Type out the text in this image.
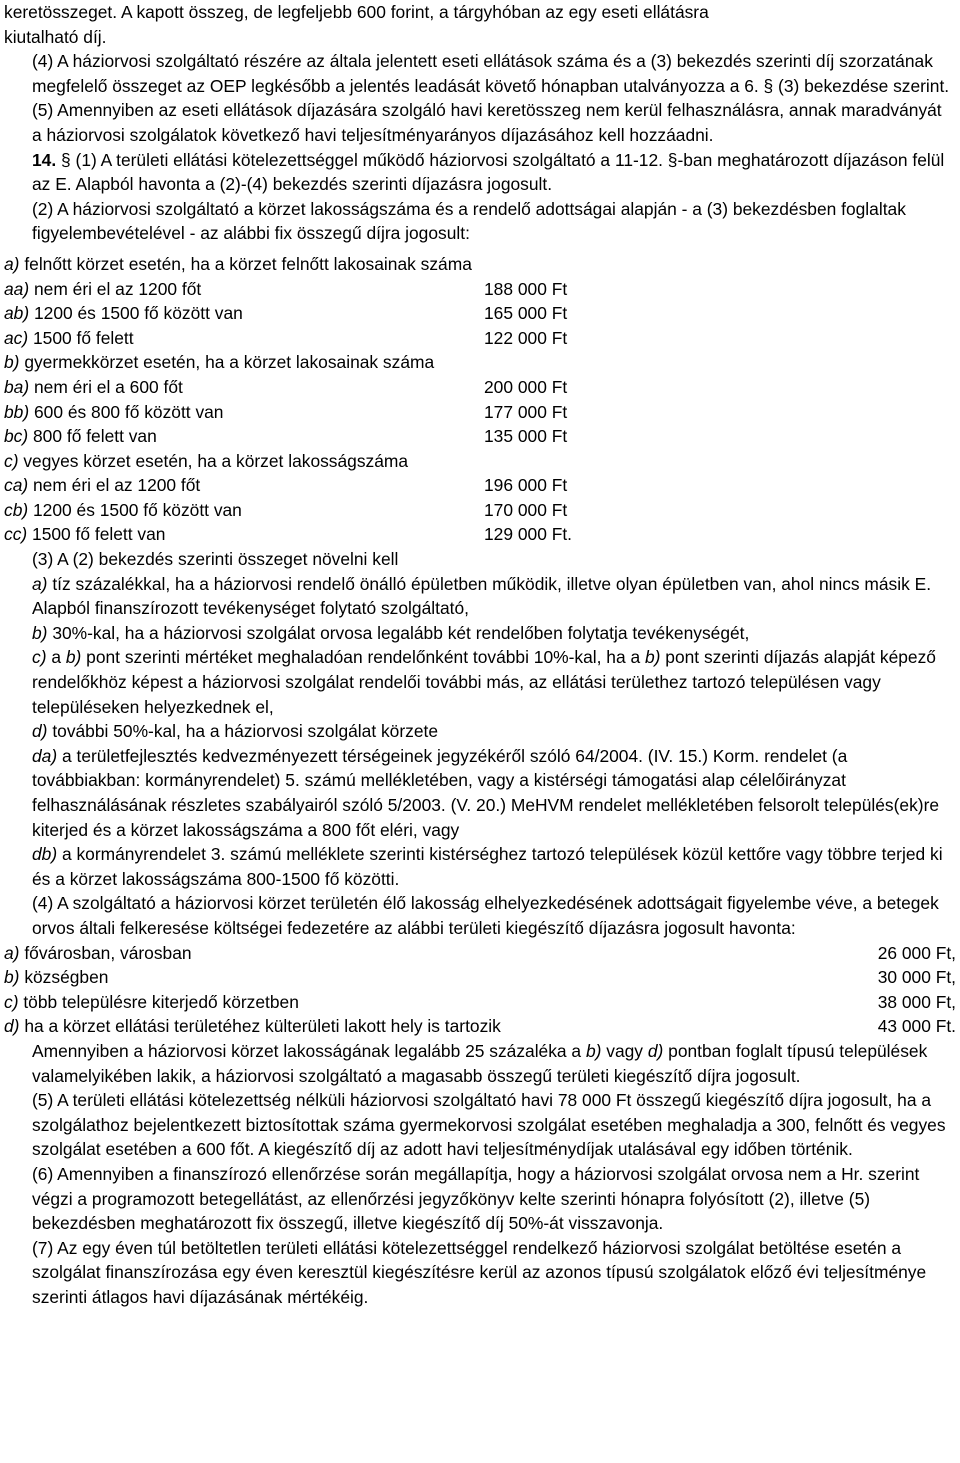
keretösszeget. A kapott összeg, de legfeljebb 600 forint, a tárgyhóban az egy eseti ellátásra
kiutalható díj.
(4) A háziorvosi szolgáltató részére az általa jelentett eseti ellátások száma és a (3) bekezdés szerinti díj szorzatának megfelelő összeget az OEP legkésőbb a jelentés leadását követő hónapban utalványozza a 6. § (3) bekezdése szerint.
(5) Amennyiben az eseti ellátások díjazására szolgáló havi keretösszeg nem kerül felhasználásra, annak maradványát a háziorvosi szolgálatok következő havi teljesítményarányos díjazásához kell hozzáadni.
14. § (1) A területi ellátási kötelezettséggel működő háziorvosi szolgáltató a 11-12. §-ban meghatározott díjazáson felül az E. Alapból havonta a (2)-(4) bekezdés szerinti díjazásra jogosult.
(2) A háziorvosi szolgáltató a körzet lakosságszáma és a rendelő adottságai alapján - a (3) bekezdésben foglaltak figyelembevételével - az alábbi fix összegű díjra jogosult:
a) felnőtt körzet esetén, ha a körzet felnőtt lakosainak száma
aa) nem éri el az 1200 főt	188 000 Ft
ab) 1200 és 1500 fő között van	165 000 Ft
ac) 1500 fő felett	122 000 Ft
b) gyermekkörzet esetén, ha a körzet lakosainak száma
ba) nem éri el a 600 főt	200 000 Ft
bb) 600 és 800 fő között van	177 000 Ft
bc) 800 fő felett van	135 000 Ft
c) vegyes körzet esetén, ha a körzet lakosságszáma
ca) nem éri el az 1200 főt	196 000 Ft
cb) 1200 és 1500 fő között van	170 000 Ft
cc) 1500 fő felett van	129 000 Ft.
(3) A (2) bekezdés szerinti összeget növelni kell
a) tíz százalékkal, ha a háziorvosi rendelő önálló épületben működik, illetve olyan épületben van, ahol nincs másik E. Alapból finanszírozott tevékenységet folytató szolgáltató,
b) 30%-kal, ha a háziorvosi szolgálat orvosa legalább két rendelőben folytatja tevékenységét,
c) a b) pont szerinti mértéket meghaladóan rendelőnként további 10%-kal, ha a b) pont szerinti díjazás alapját képező rendelőkhöz képest a háziorvosi szolgálat rendelői további más, az ellátási területhez tartozó településen vagy településeken helyezkednek el,
d) további 50%-kal, ha a háziorvosi szolgálat körzete
da) a területfejlesztés kedvezményezett térségeinek jegyzékéről szóló 64/2004. (IV. 15.) Korm. rendelet (a továbbiakban: kormányrendelet) 5. számú mellékletében, vagy a kistérségi támogatási alap célelőirányzat felhasználásának részletes szabályairól szóló 5/2003. (V. 20.) MeHVM rendelet mellékletében felsorolt település(ek)re kiterjed és a körzet lakosságszáma a 800 főt eléri, vagy
db) a kormányrendelet 3. számú melléklete szerinti kistérséghez tartozó települések közül kettőre vagy többre terjed ki és a körzet lakosságszáma 800-1500 fő közötti.
(4) A szolgáltató a háziorvosi körzet területén élő lakosság elhelyezkedésének adottságait figyelembe véve, a betegek orvos általi felkeresése költségei fedezetére az alábbi területi kiegészítő díjazásra jogosult havonta:
a) fővárosban, városban	26 000 Ft,
b) községben	30 000 Ft,
c) több településre kiterjedő körzetben	38 000 Ft,
d) ha a körzet ellátási területéhez külterületi lakott hely is tartozik	43 000 Ft.
Amennyiben a háziorvosi körzet lakosságának legalább 25 százaléka a b) vagy d) pontban foglalt típusú települések valamelyikében lakik, a háziorvosi szolgáltató a magasabb összegű területi kiegészítő díjra jogosult.
(5) A területi ellátási kötelezettség nélküli háziorvosi szolgáltató havi 78 000 Ft összegű kiegészítő díjra jogosult, ha a szolgálathoz bejelentkezett biztosítottak száma gyermekorvosi szolgálat esetében meghaladja a 300, felnőtt és vegyes szolgálat esetében a 600 főt. A kiegészítő díj az adott havi teljesítménydíjak utalásával egy időben történik.
(6) Amennyiben a finanszírozó ellenőrzése során megállapítja, hogy a háziorvosi szolgálat orvosa nem a Hr. szerint végzi a programozott betegellátást, az ellenőrzési jegyzőkönyv kelte szerinti hónapra folyósított (2), illetve (5) bekezdésben meghatározott fix összegű, illetve kiegészítő díj 50%-át visszavonja.
(7) Az egy éven túl betöltetlen területi ellátási kötelezettséggel rendelkező háziorvosi szolgálat betöltése esetén a szolgálat finanszírozása egy éven keresztül kiegészítésre kerül az azonos típusú szolgálatok előző évi teljesítménye szerinti átlagos havi díjazásának mértékéig.
